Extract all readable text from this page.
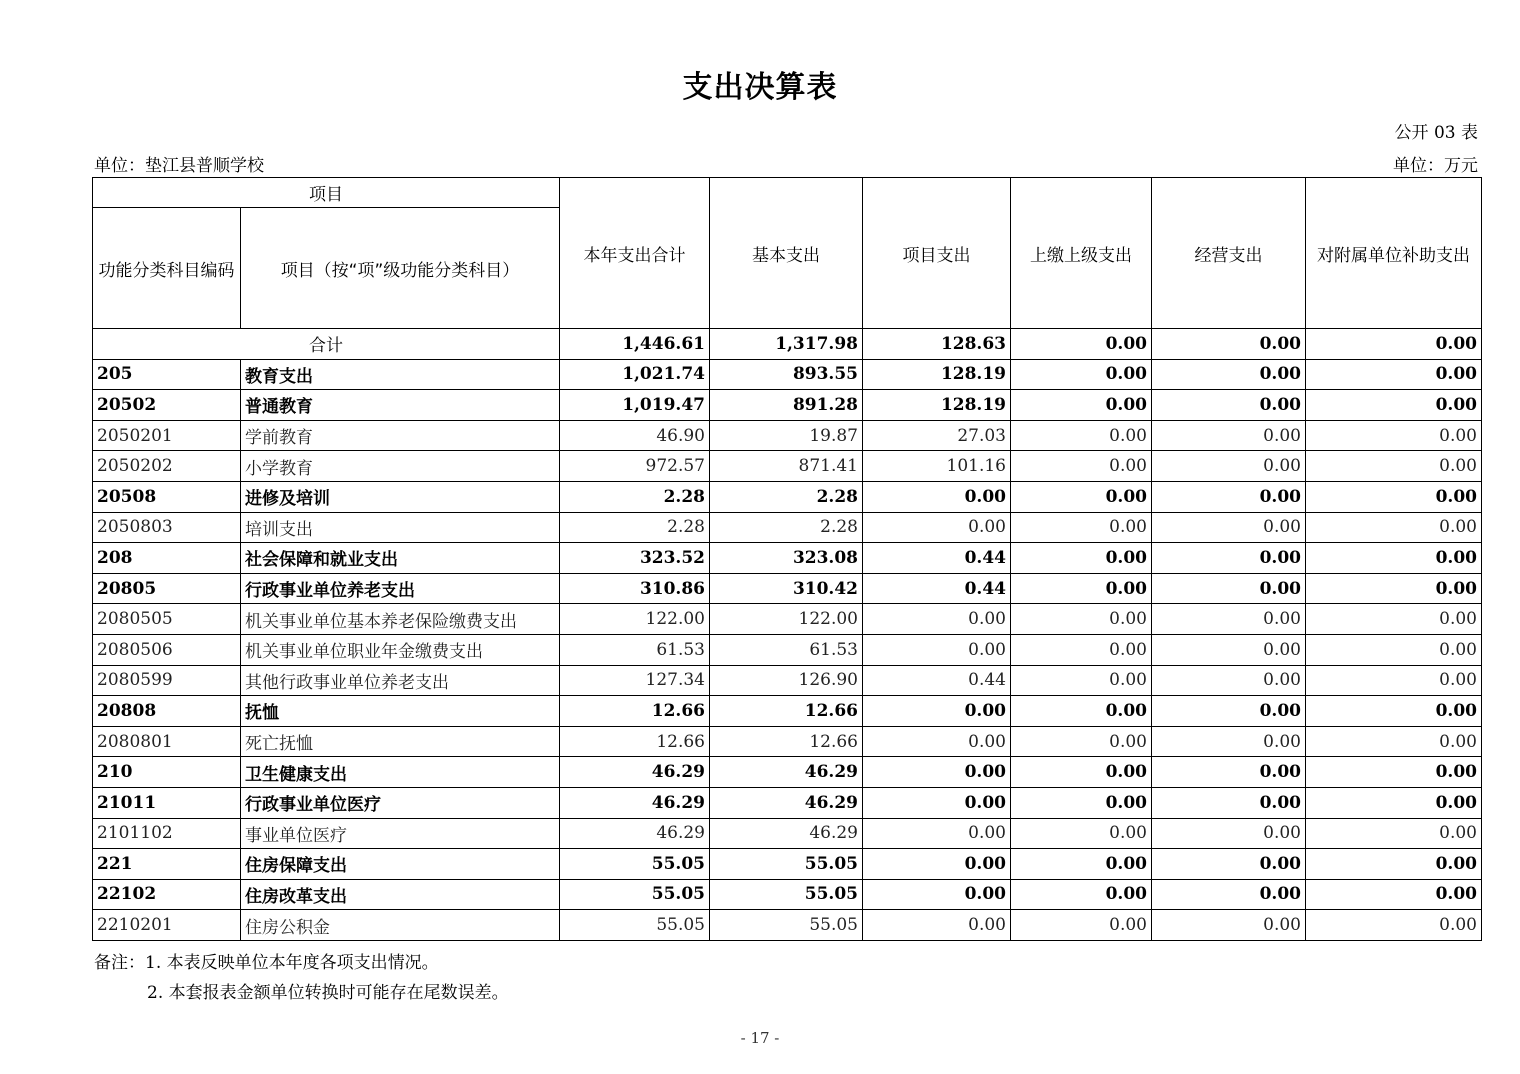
支出决算表
公开 03 表
单位：垫江县普顺学校	单位：万元
项目		本年支出合计	基本支出	项目支出	上缴上级支出	经营支出	对附属单位补助支出
功能分类科目编码	项目（按“项”级功能分类科目）						
合计		1,446.61	1,317.98	128.63	0.00	0.00	0.00
205	教育支出	1,021.74	893.55	128.19	0.00	0.00	0.00
20502	普通教育	1,019.47	891.28	128.19	0.00	0.00	0.00
2050201	学前教育	46.90	19.87	27.03	0.00	0.00	0.00
2050202	小学教育	972.57	871.41	101.16	0.00	0.00	0.00
20508	进修及培训	2.28	2.28	0.00	0.00	0.00	0.00
2050803	培训支出	2.28	2.28	0.00	0.00	0.00	0.00
208	社会保障和就业支出	323.52	323.08	0.44	0.00	0.00	0.00
20805	行政事业单位养老支出	310.86	310.42	0.44	0.00	0.00	0.00
2080505	机关事业单位基本养老保险缴费支出	122.00	122.00	0.00	0.00	0.00	0.00
2080506	机关事业单位职业年金缴费支出	61.53	61.53	0.00	0.00	0.00	0.00
2080599	其他行政事业单位养老支出	127.34	126.90	0.44	0.00	0.00	0.00
20808	抚恤	12.66	12.66	0.00	0.00	0.00	0.00
2080801	死亡抚恤	12.66	12.66	0.00	0.00	0.00	0.00
210	卫生健康支出	46.29	46.29	0.00	0.00	0.00	0.00
21011	行政事业单位医疗	46.29	46.29	0.00	0.00	0.00	0.00
2101102	事业单位医疗	46.29	46.29	0.00	0.00	0.00	0.00
221	住房保障支出	55.05	55.05	0.00	0.00	0.00	0.00
22102	住房改革支出	55.05	55.05	0.00	0.00	0.00	0.00
2210201	住房公积金	55.05	55.05	0.00	0.00	0.00	0.00
备注：1. 本表反映单位本年度各项支出情况。
2. 本套报表金额单位转换时可能存在尾数误差。
- 17 -
